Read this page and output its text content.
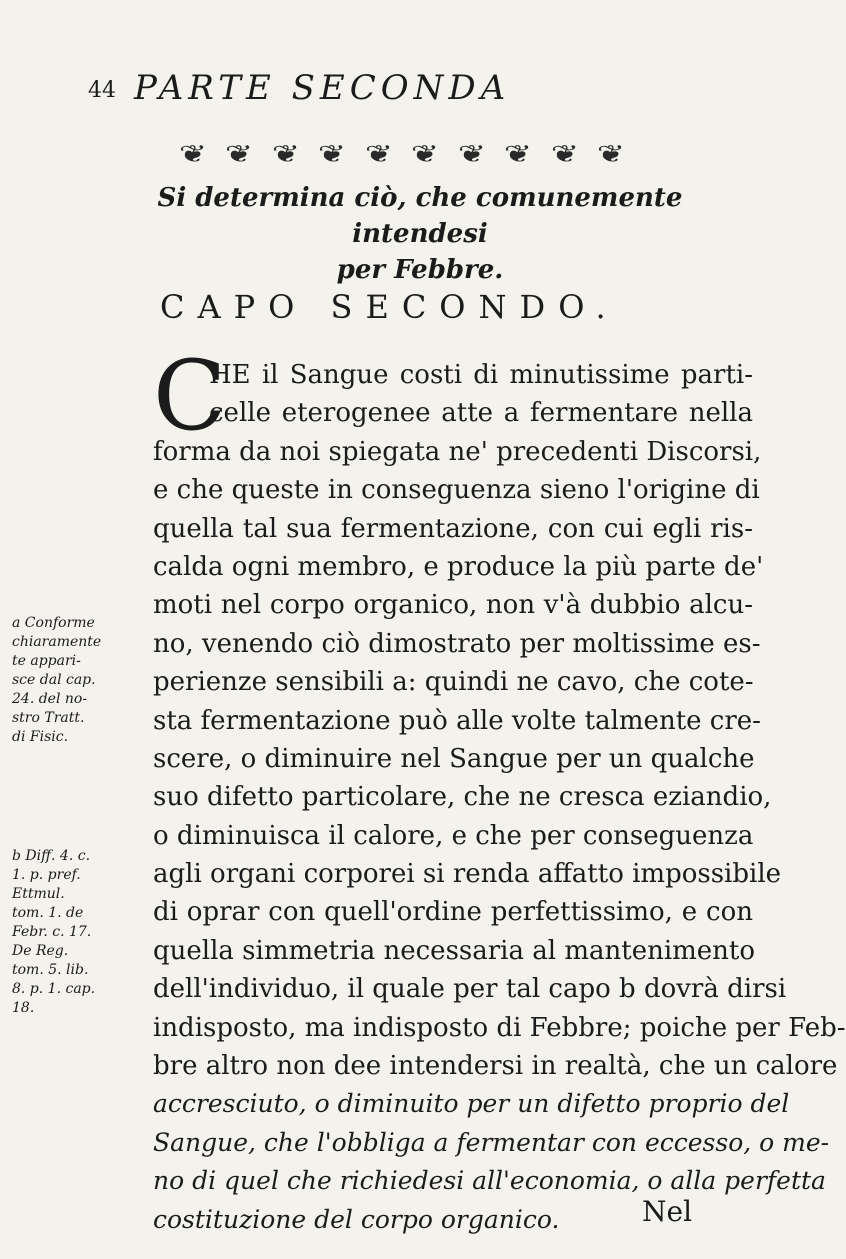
44 PARTE SECONDA
❦ ❦ ❦ ❦ ❦ ❦ ❦ ❦ ❦ ❦
Si determina ciò, che comunemente intendesi
per Febbre.
CAPO SECONDO.
C
HE il Sangue costi di minutissime parti-
celle eterogenee atte a fermentare nella
forma da noi spiegata ne' precedenti Discorsi,
e che queste in conseguenza sieno l'origine di
quella tal sua fermentazione, con cui egli ris-
calda ogni membro, e produce la più parte de'
moti nel corpo organico, non v'à dubbio alcu-
no, venendo ciò dimostrato per moltissime es-
perienze sensibili a: quindi ne cavo, che cote-
sta fermentazione può alle volte talmente cre-
scere, o diminuire nel Sangue per un qualche
suo difetto particolare, che ne cresca eziandio,
o diminuisca il calore, e che per conseguenza
agli organi corporei si renda affatto impossibile
di oprar con quell'ordine perfettissimo, e con
quella simmetria necessaria al mantenimento
dell'individuo, il quale per tal capo b dovrà dirsi
indisposto, ma indisposto di Febbre; poiche per Feb-
bre altro non dee intendersi in realtà, che un calore
accresciuto, o diminuito per un difetto proprio del
Sangue, che l'obbliga a fermentar con eccesso, o me-
no di quel che richiedesi all'economia, o alla perfetta
costituzione del corpo organico.
a Conforme
chiaramente
te appari-
sce dal cap.
24. del no-
stro Tratt.
di Fisic.
b Diff. 4. c.
1. p. pref.
Ettmul.
tom. 1. de
Febr. c. 17.
De Reg.
tom. 5. lib.
8. p. 1. cap.
18.
Nel
